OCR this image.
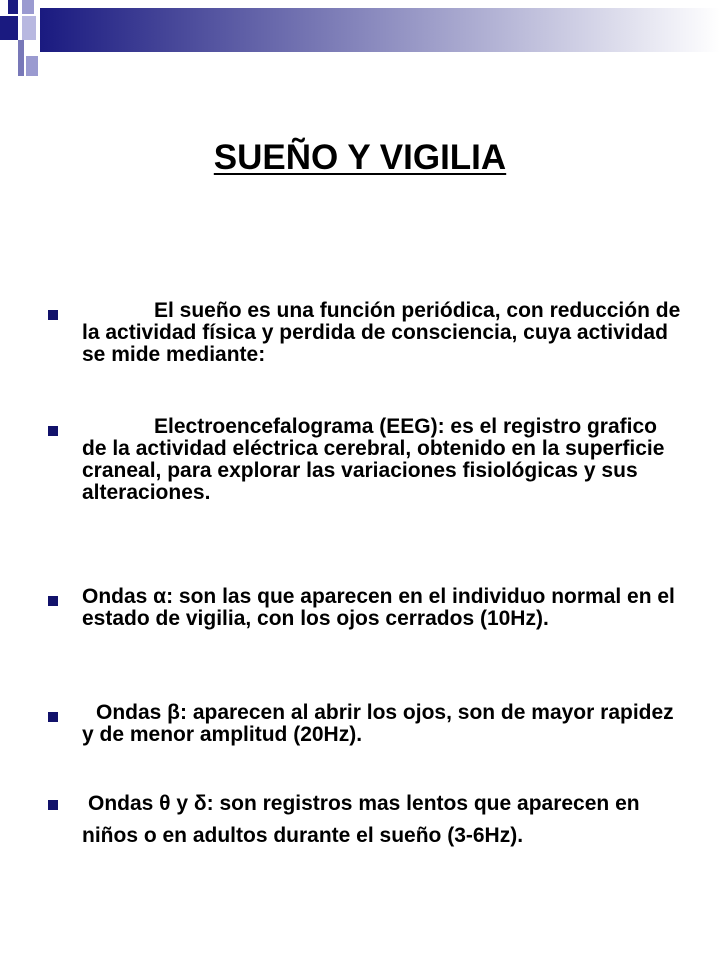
SUEÑO Y VIGILIA
El sueño es una función periódica, con reducción de la actividad física y perdida de consciencia, cuya actividad se mide mediante:
Electroencefalograma (EEG): es el registro grafico de la actividad eléctrica cerebral, obtenido en la superficie craneal, para explorar las variaciones fisiológicas y sus alteraciones.
Ondas α: son las que aparecen en el individuo normal en el estado de vigilia, con los ojos cerrados (10Hz).
Ondas β: aparecen al abrir los ojos, son de mayor rapidez y de menor amplitud (20Hz).
Ondas θ y δ: son registros mas lentos que aparecen en niños o en adultos durante el sueño (3-6Hz).
